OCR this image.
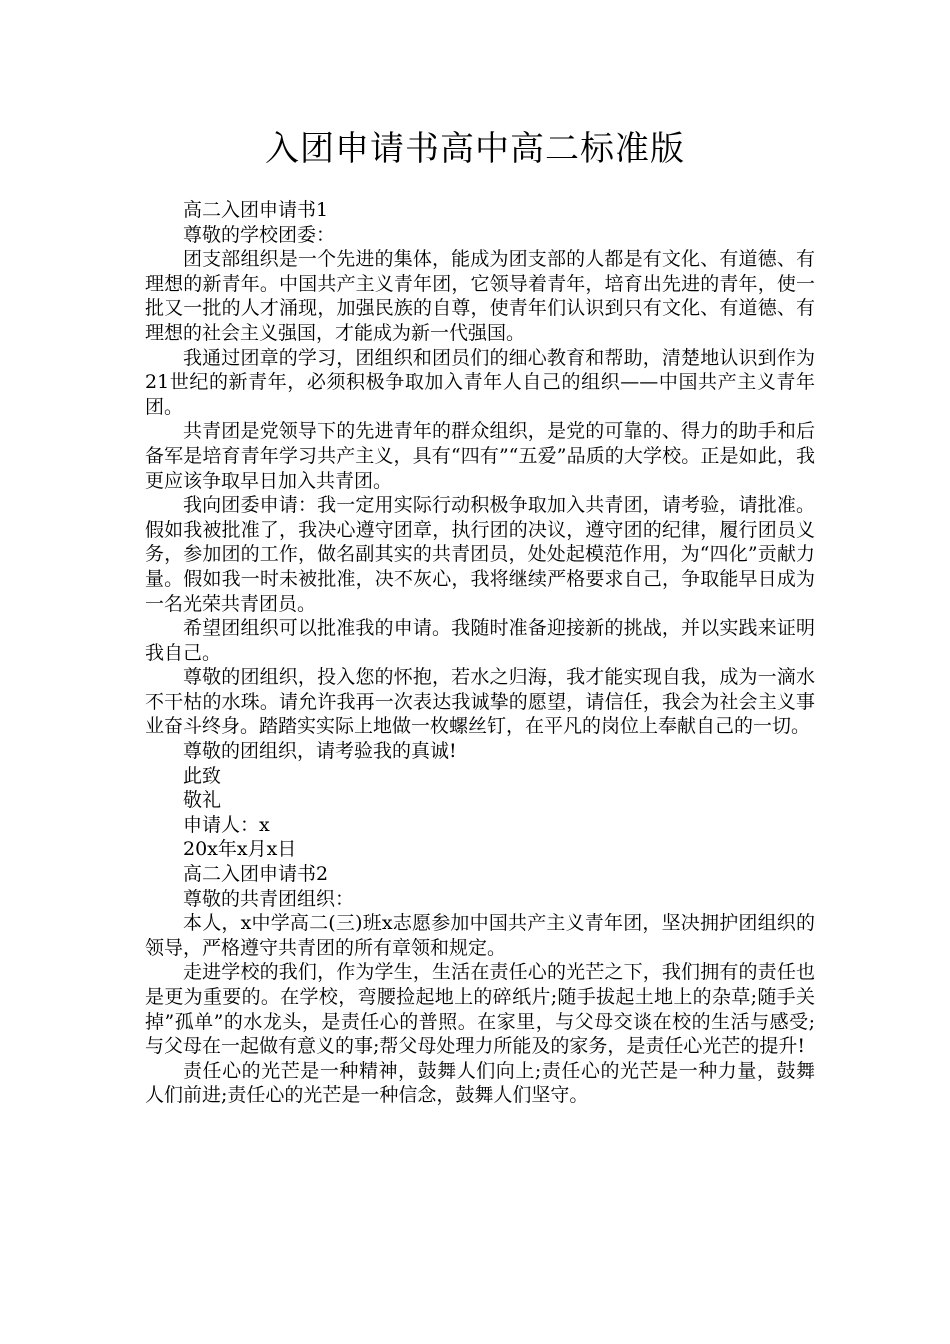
入团申请书高中高二标准版

高二入团申请书1

尊敬的学校团委：

团支部组织是一个先进的集体，能成为团支部的人都是有文化、有道德、有理想的新青年。中国共产主义青年团，它领导着青年，培育出先进的青年，使一批又一批的人才涌现，加强民族的自尊，使青年们认识到只有文化、有道德、有理想的社会主义强国，才能成为新一代强国。

我通过团章的学习，团组织和团员们的细心教育和帮助，清楚地认识到作为21世纪的新青年，必须积极争取加入青年人自己的组织——中国共产主义青年团。

共青团是党领导下的先进青年的群众组织，是党的可靠的、得力的助手和后备军是培育青年学习共产主义，具有“四有”“五爱”品质的大学校。正是如此，我更应该争取早日加入共青团。

我向团委申请：我一定用实际行动积极争取加入共青团，请考验，请批准。假如我被批准了，我决心遵守团章，执行团的决议，遵守团的纪律，履行团员义务，参加团的工作，做名副其实的共青团员，处处起模范作用，为“四化”贡献力量。假如我一时未被批准，决不灰心，我将继续严格要求自己，争取能早日成为一名光荣共青团员。

希望团组织可以批准我的申请。我随时准备迎接新的挑战，并以实践来证明我自己。

尊敬的团组织，投入您的怀抱，若水之归海，我才能实现自我，成为一滴水不干枯的水珠。请允许我再一次表达我诚挚的愿望，请信任，我会为社会主义事业奋斗终身。踏踏实实际上地做一枚螺丝钉，在平凡的岗位上奉献自己的一切。

尊敬的团组织，请考验我的真诚!

此致

敬礼

申请人：x

20x年x月x日

高二入团申请书2

尊敬的共青团组织：

本人，x中学高二(三)班x志愿参加中国共产主义青年团，坚决拥护团组织的领导，严格遵守共青团的所有章领和规定。

走进学校的我们，作为学生，生活在责任心的光芒之下，我们拥有的责任也是更为重要的。在学校，弯腰捡起地上的碎纸片;随手拔起土地上的杂草;随手关掉”孤单”的水龙头，是责任心的普照。在家里，与父母交谈在校的生活与感受;与父母在一起做有意义的事;帮父母处理力所能及的家务，是责任心光芒的提升!

责任心的光芒是一种精神，鼓舞人们向上;责任心的光芒是一种力量，鼓舞人们前进;责任心的光芒是一种信念，鼓舞人们坚守。
